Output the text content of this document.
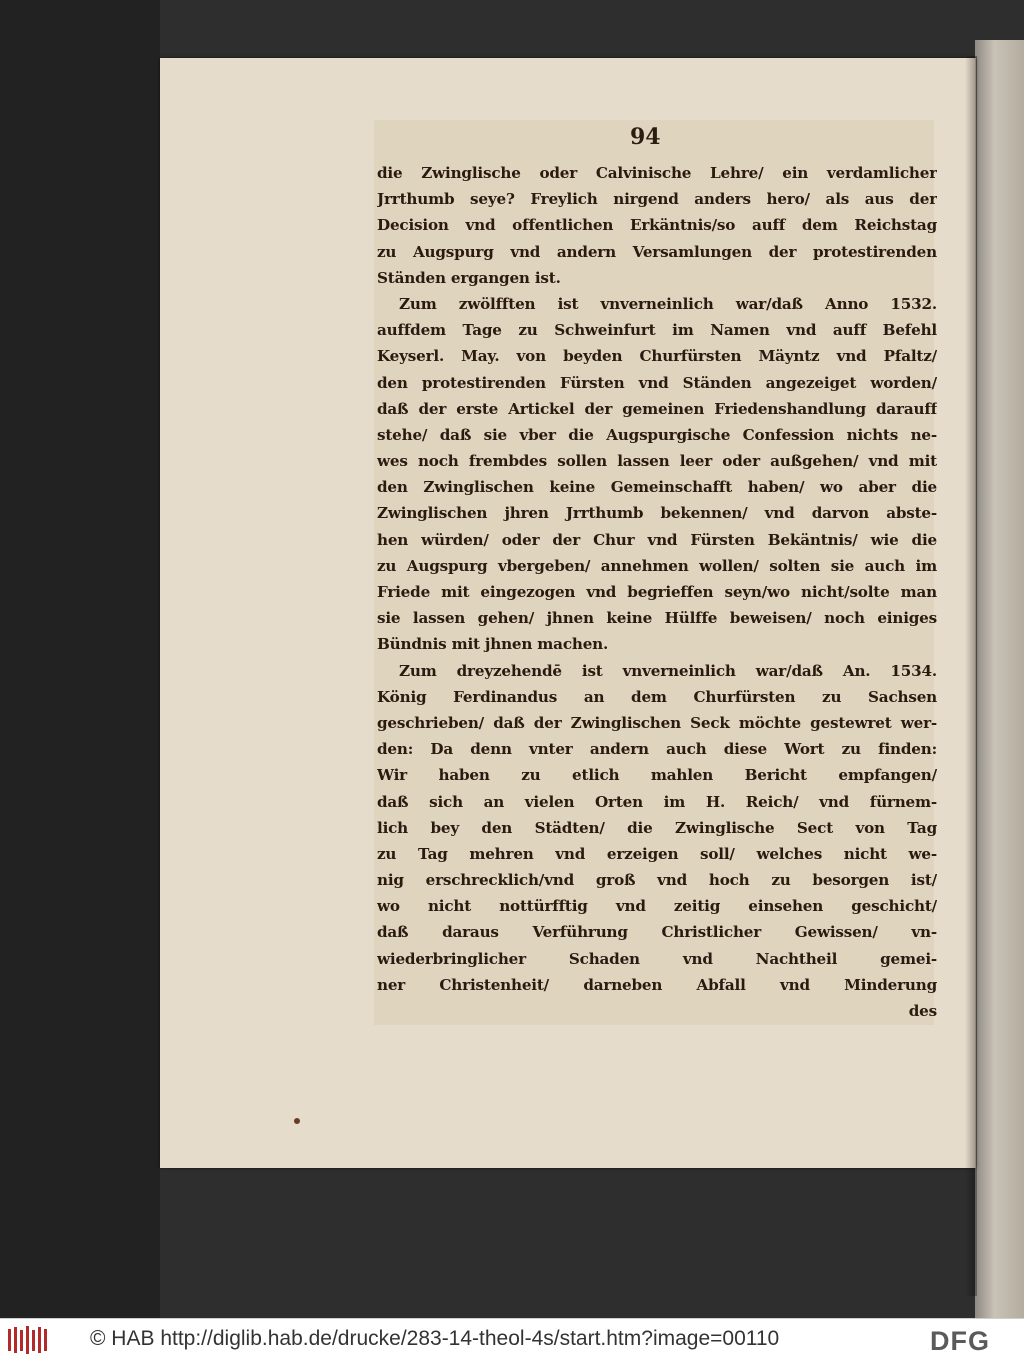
94
die Zwinglische oder Calvinische Lehre/ ein verdamlicher
Jrrthumb seye? Freylich nirgend anders hero/ als aus der
Decision vnd offentlichen Erkäntnis/so auff dem Reichstag
zu Augspurg vnd andern Versamlungen der protestirenden
Ständen ergangen ist.
Zum zwölfften ist vnverneinlich war/daß Anno 1532.
auffdem Tage zu Schweinfurt im Namen vnd auff Befehl
Keyserl. May. von beyden Churfürsten Mäyntz vnd Pfaltz/
den protestirenden Fürsten vnd Ständen angezeiget worden/
daß der erste Artickel der gemeinen Friedenshandlung darauff
stehe/ daß sie vber die Augspurgische Confession nichts ne-
wes noch frembdes sollen lassen leer oder außgehen/ vnd mit
den Zwinglischen keine Gemeinschafft haben/ wo aber die
Zwinglischen jhren Jrrthumb bekennen/ vnd darvon abste-
hen würden/ oder der Chur vnd Fürsten Bekäntnis/ wie die
zu Augspurg vbergeben/ annehmen wollen/ solten sie auch im
Friede mit eingezogen vnd begrieffen seyn/wo nicht/solte man
sie lassen gehen/ jhnen keine Hülffe beweisen/ noch einiges
Bündnis mit jhnen machen.
Zum dreyzehendē ist vnverneinlich war/daß An. 1534.
König Ferdinandus an dem Churfürsten zu Sachsen
geschrieben/ daß der Zwinglischen Seck möchte gestewret wer-
den: Da denn vnter andern auch diese Wort zu finden:
Wir haben zu etlich mahlen Bericht empfangen/
daß sich an vielen Orten im H. Reich/ vnd fürnem-
lich bey den Städten/ die Zwinglische Sect von Tag
zu Tag mehren vnd erzeigen soll/ welches nicht we-
nig erschrecklich/vnd groß vnd hoch zu besorgen ist/
wo nicht nottürfftig vnd zeitig einsehen geschicht/
daß daraus Verführung Christlicher Gewissen/ vn-
wiederbringlicher Schaden vnd Nachtheil gemei-
ner Christenheit/ darneben Abfall vnd Minderung
des
© HAB http://diglib.hab.de/drucke/283-14-theol-4s/start.htm?image=00110	DFG
